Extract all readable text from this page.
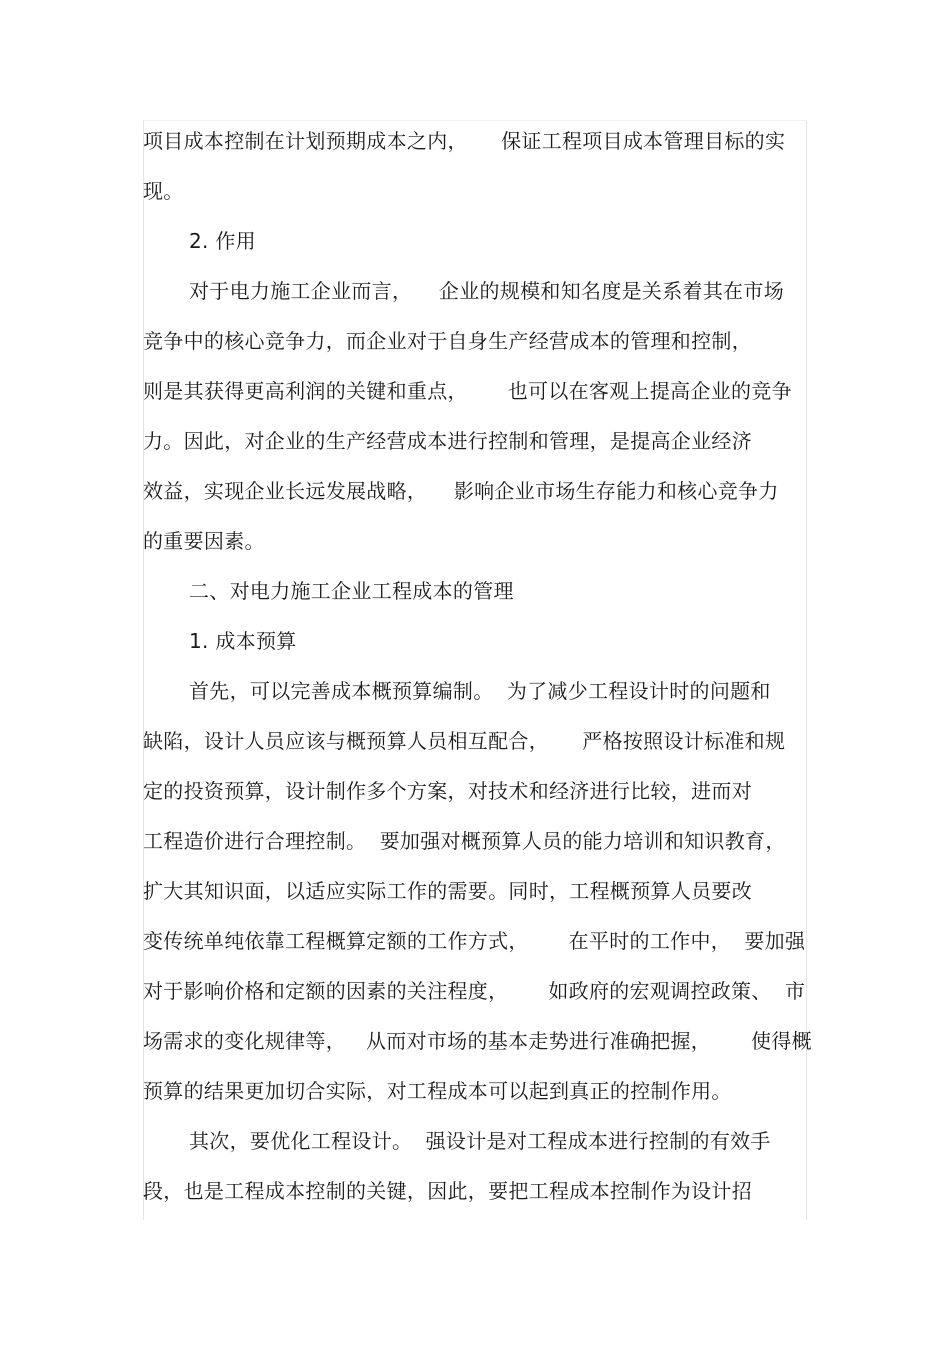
项目成本控制在计划预期成本之内，     保证工程项目成本管理目标的实
现。
2. 作用
对于电力施工企业而言，    企业的规模和知名度是关系着其在市场
竞争中的核心竞争力，而企业对于自身生产经营成本的管理和控制，
则是其获得更高利润的关键和重点，      也可以在客观上提高企业的竞争
力。因此，对企业的生产经营成本进行控制和管理，是提高企业经济
效益，实现企业长远发展战略，    影响企业市场生存能力和核心竞争力
的重要因素。
二、对电力施工企业工程成本的管理
1. 成本预算
首先，可以完善成本概预算编制。  为了减少工程设计时的问题和
缺陷，设计人员应该与概预算人员相互配合，     严格按照设计标准和规
定的投资预算，设计制作多个方案，对技术和经济进行比较，进而对
工程造价进行合理控制。  要加强对概预算人员的能力培训和知识教育，
扩大其知识面，以适应实际工作的需要。同时，工程概预算人员要改
变传统单纯依靠工程概算定额的工作方式，      在平时的工作中，  要加强
对于影响价格和定额的因素的关注程度，      如政府的宏观调控政策、  市
场需求的变化规律等，   从而对市场的基本走势进行准确把握，      使得概
预算的结果更加切合实际，对工程成本可以起到真正的控制作用。
其次，要优化工程设计。  强设计是对工程成本进行控制的有效手
段，也是工程成本控制的关键，因此，要把工程成本控制作为设计招
